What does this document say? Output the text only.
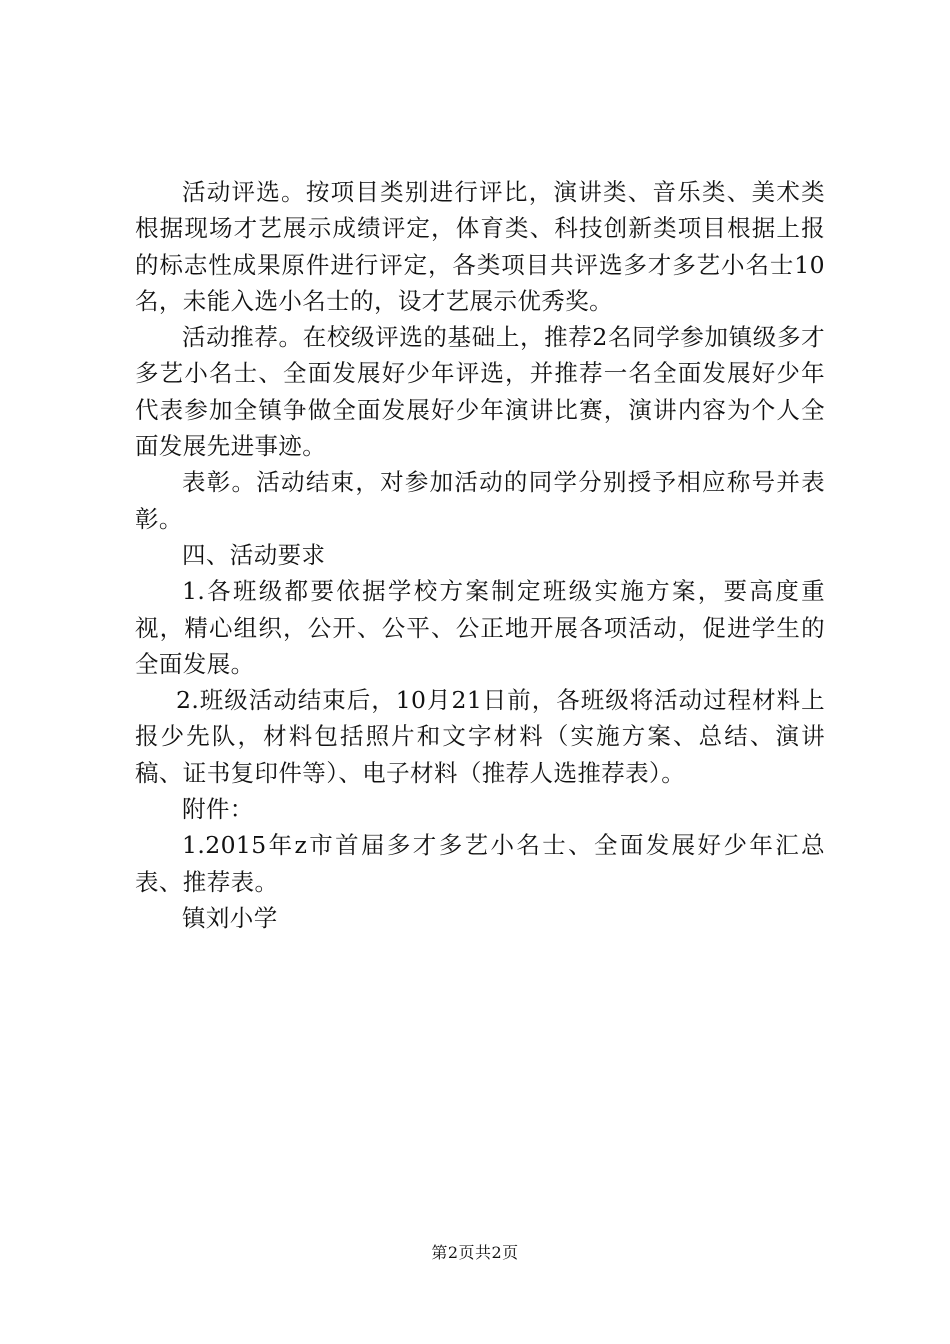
活动评选。按项目类别进行评比，演讲类、音乐类、美术类根据现场才艺展示成绩评定，体育类、科技创新类项目根据上报的标志性成果原件进行评定，各类项目共评选多才多艺小名士10名，未能入选小名士的，设才艺展示优秀奖。

活动推荐。在校级评选的基础上，推荐2名同学参加镇级多才多艺小名士、全面发展好少年评选，并推荐一名全面发展好少年代表参加全镇争做全面发展好少年演讲比赛，演讲内容为个人全面发展先进事迹。

表彰。活动结束，对参加活动的同学分别授予相应称号并表彰。

四、活动要求

1.各班级都要依据学校方案制定班级实施方案，要高度重视，精心组织，公开、公平、公正地开展各项活动，促进学生的全面发展。

2.班级活动结束后，10月21日前，各班级将活动过程材料上报少先队，材料包括照片和文字材料（实施方案、总结、演讲稿、证书复印件等）、电子材料（推荐人选推荐表）。

附件：

1.2015年z市首届多才多艺小名士、全面发展好少年汇总表、推荐表。

镇刘小学

第2页共2页
